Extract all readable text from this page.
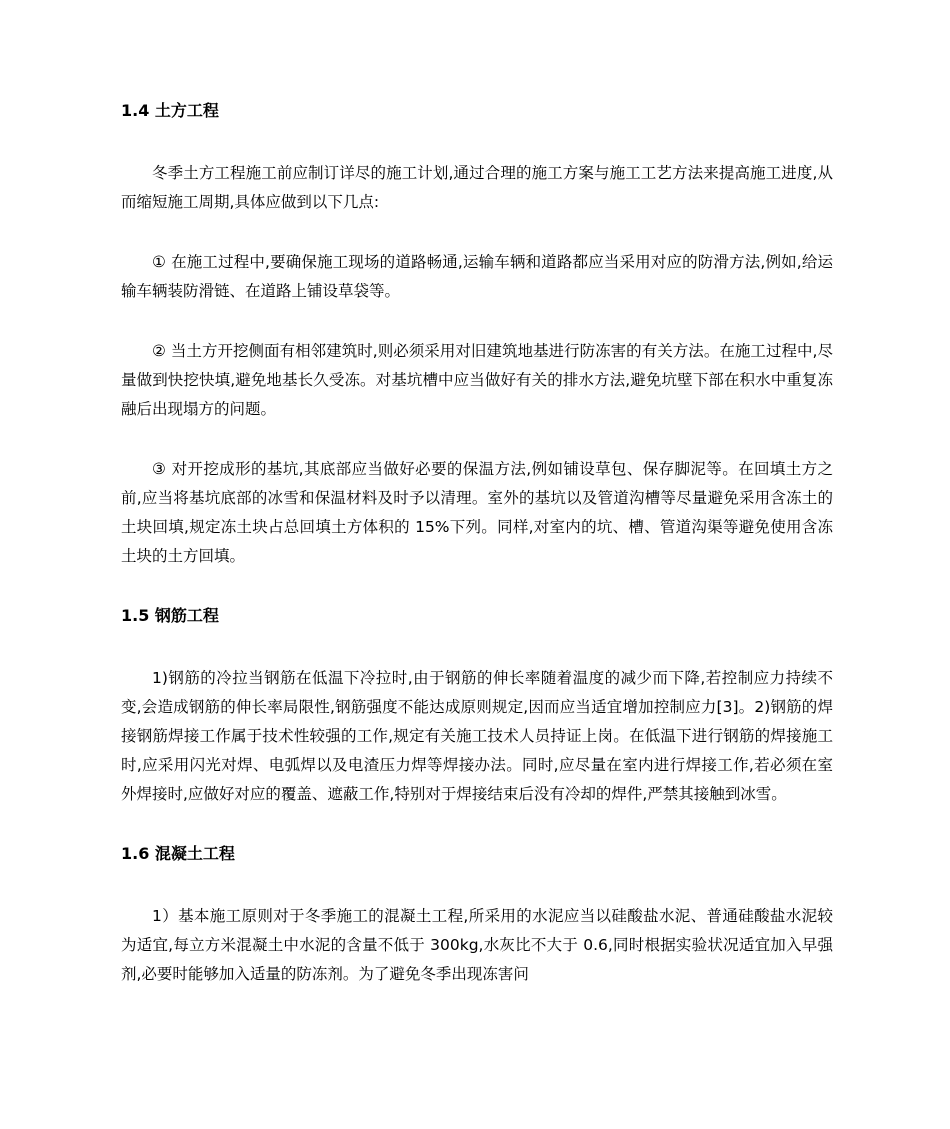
1.4 土方工程

冬季土方工程施工前应制订详尽的施工计划,通过合理的施工方案与施工工艺方法来提高施工进度,从而缩短施工周期,具体应做到以下几点:

① 在施工过程中,要确保施工现场的道路畅通,运输车辆和道路都应当采用对应的防滑方法,例如,给运输车辆装防滑链、在道路上铺设草袋等。

② 当土方开挖侧面有相邻建筑时,则必须采用对旧建筑地基进行防冻害的有关方法。在施工过程中,尽量做到快挖快填,避免地基长久受冻。对基坑槽中应当做好有关的排水方法,避免坑壁下部在积水中重复冻融后出现塌方的问题。

③ 对开挖成形的基坑,其底部应当做好必要的保温方法,例如铺设草包、保存脚泥等。在回填土方之前,应当将基坑底部的冰雪和保温材料及时予以清理。室外的基坑以及管道沟槽等尽量避免采用含冻土的土块回填,规定冻土块占总回填土方体积的 15%下列。同样,对室内的坑、槽、管道沟渠等避免使用含冻土块的土方回填。

1.5 钢筋工程

1)钢筋的冷拉当钢筋在低温下冷拉时,由于钢筋的伸长率随着温度的减少而下降,若控制应力持续不变,会造成钢筋的伸长率局限性,钢筋强度不能达成原则规定,因而应当适宜增加控制应力[3]。2)钢筋的焊接钢筋焊接工作属于技术性较强的工作,规定有关施工技术人员持证上岗。在低温下进行钢筋的焊接施工时,应采用闪光对焊、电弧焊以及电渣压力焊等焊接办法。同时,应尽量在室内进行焊接工作,若必须在室外焊接时,应做好对应的覆盖、遮蔽工作,特别对于焊接结束后没有冷却的焊件,严禁其接触到冰雪。

1.6 混凝土工程

1）基本施工原则对于冬季施工的混凝土工程,所采用的水泥应当以硅酸盐水泥、普通硅酸盐水泥较为适宜,每立方米混凝土中水泥的含量不低于 300kg,水灰比不大于 0.6,同时根据实验状况适宜加入早强剂,必要时能够加入适量的防冻剂。为了避免冬季出现冻害问
